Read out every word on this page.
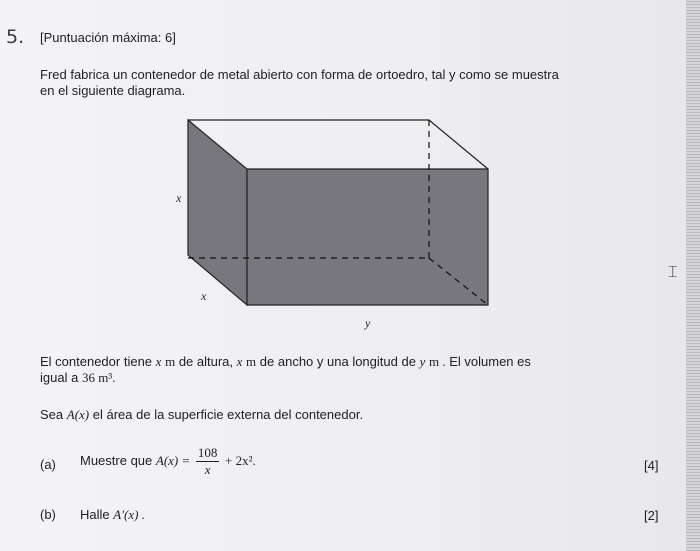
5. [Puntuación máxima: 6]
Fred fabrica un contenedor de metal abierto con forma de ortoedro, tal y como se muestra
en el siguiente diagrama.
x
x
y
El contenedor tiene x m de altura, x m de ancho y una longitud de y m . El volumen es
igual a 36 m³.
Sea A(x) el área de la superficie externa del contenedor.
(a) Muestre que $A(x) = \frac{108}{x} + 2x^2$.	[4]
(b) Halle A′(x) .	[2]
⌶
